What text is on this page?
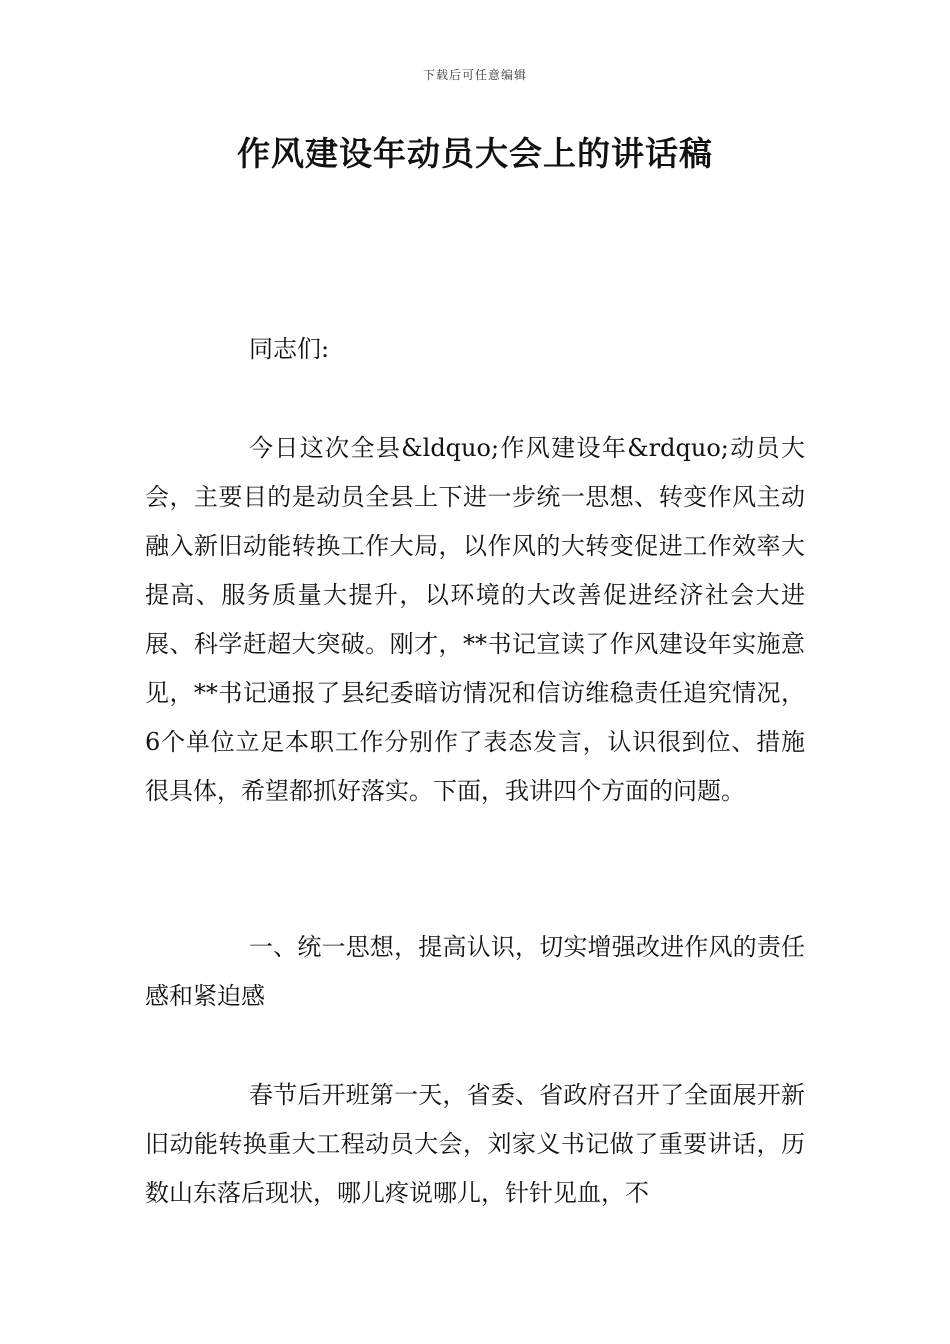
下载后可任意编辑
作风建设年动员大会上的讲话稿

同志们:

今日这次全县&ldquo;作风建设年&rdquo;动员大会，主要目的是动员全县上下进一步统一思想、转变作风主动融入新旧动能转换工作大局，以作风的大转变促进工作效率大提高、服务质量大提升，以环境的大改善促进经济社会大进展、科学赶超大突破。刚才，**书记宣读了作风建设年实施意见，**书记通报了县纪委暗访情况和信访维稳责任追究情况，6个单位立足本职工作分别作了表态发言，认识很到位、措施很具体，希望都抓好落实。下面，我讲四个方面的问题。

一、统一思想，提高认识，切实增强改进作风的责任感和紧迫感

春节后开班第一天，省委、省政府召开了全面展开新旧动能转换重大工程动员大会，刘家义书记做了重要讲话，历数山东落后现状，哪儿疼说哪儿，针针见血，不
